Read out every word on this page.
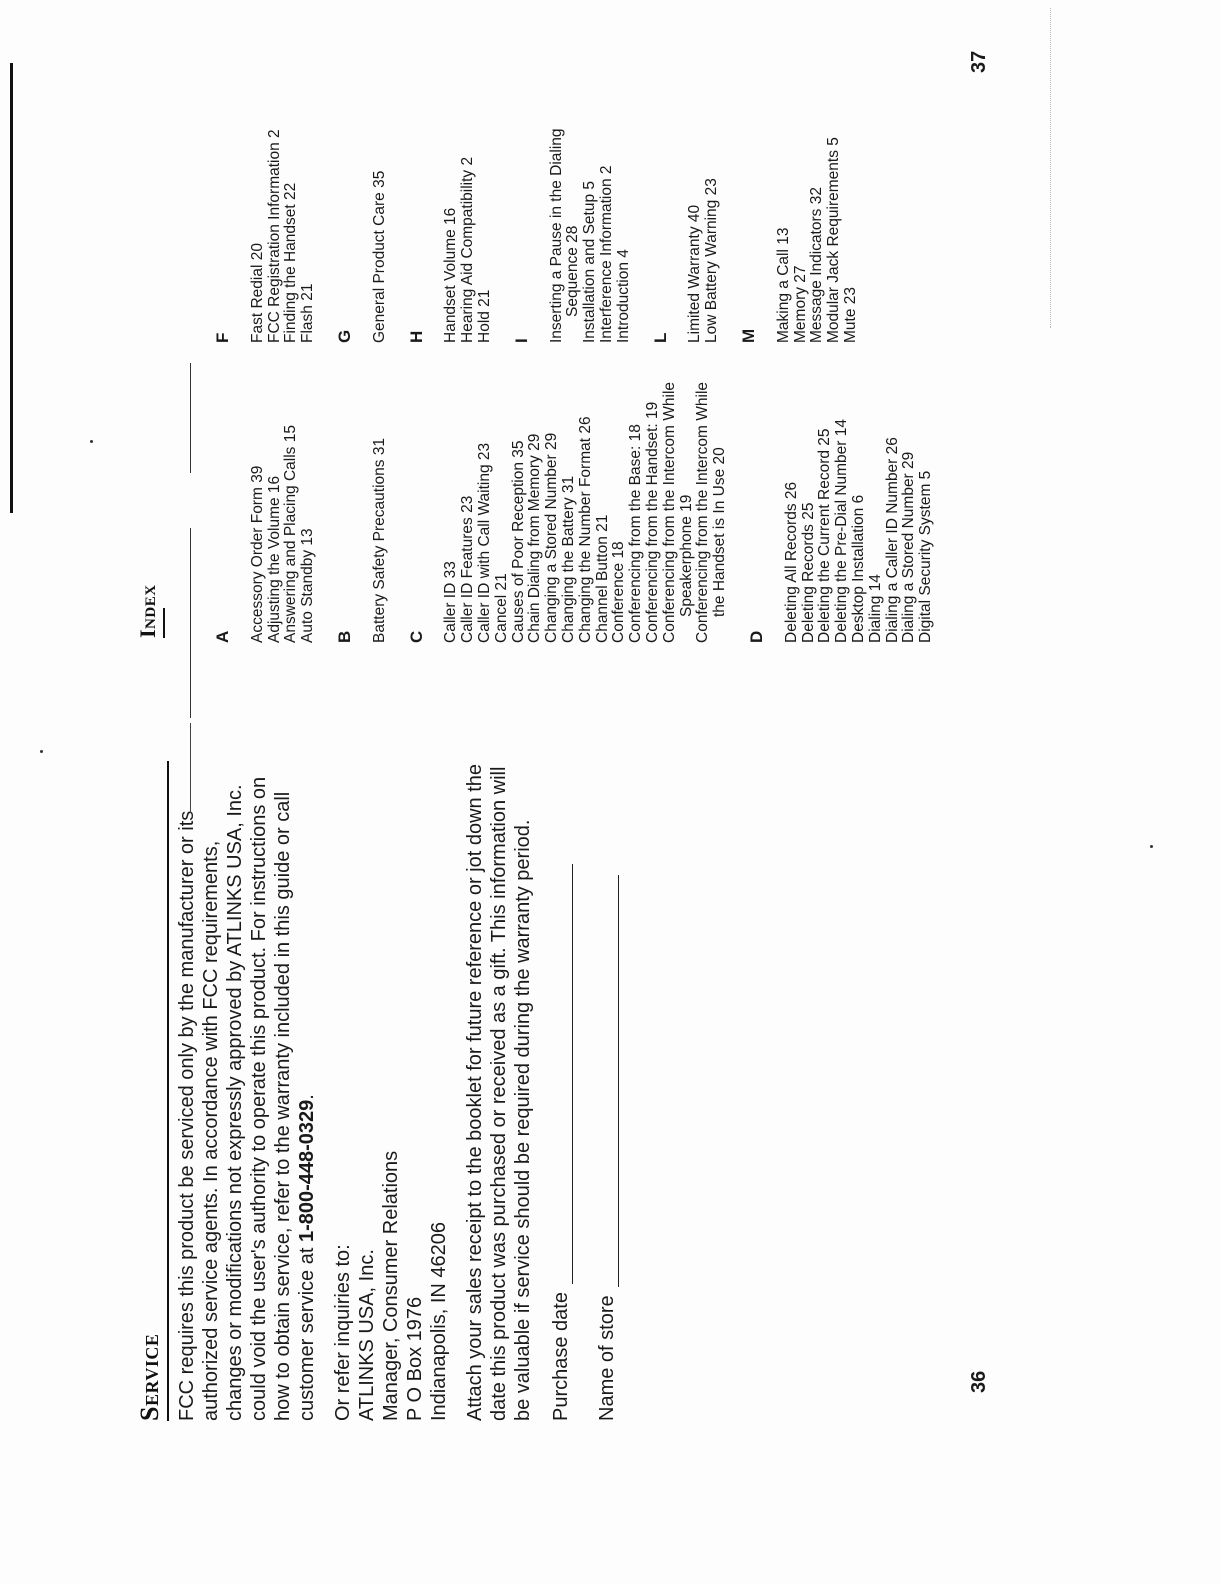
Service FCC requires this product be serviced only by the manufacturer or its authorized service agents. In accordance with FCC requirements, changes or modifications not expressly approved by ATLINKS USA, Inc. could void the user's authority to operate this product. For instructions on how to obtain service, refer to the warranty included in this guide or call customer service at 1-800-448-0329.

Or refer inquiries to: ATLINKS USA, Inc. Manager, Consumer Relations P O Box 1976 Indianapolis, IN 46206 Attach your sales receipt to the booklet for future reference or jot down the date this product was purchased or received as a gift. This information will be valuable if service should be required during the warranty period. Purchase date Name of store	36
Index	A Accessory Order Form 39 Adjusting the Volume 16 Answering and Placing Calls 15 Auto Standby 13 B Battery Safety Precautions 31 C Caller ID 33 Caller ID Features 23 Caller ID with Call Waiting 23 Cancel 21 Causes of Poor Reception 35 Chain Dialing from Memory 29 Changing a Stored Number 29 Changing the Battery 31 Changing the Number Format 26 Channel Button 21 Conference 18 Conferencing from the Base: 18 Conferencing from the Handset: 19 Conferencing from the Intercom While Speakerphone 19 Conferencing from the Intercom While the Handset is In Use 20
D Deleting All Records 26 Deleting Records 25 Deleting the Current Record 25 Deleting the Pre-Dial Number 14 Desktop Installation 6 Dialing 14 Dialing a Caller ID Number 26 Dialing a Stored Number 29 Digital Security System 5
F Fast Redial 20 FCC Registration Information 2 Finding the Handset 22 Flash 21 G General Product Care 35 H Handset Volume 16 Hearing Aid Compatibility 2 Hold 21 I Inserting a Pause in the Dialing Sequence 28 Installation and Setup 5 Interference Information 2 Introduction 4 L Limited Warranty 40 Low Battery Warning 23 M Making a Call 13 Memory 27 Message Indicators 32 Modular Jack Requirements 5 Mute 23
37
